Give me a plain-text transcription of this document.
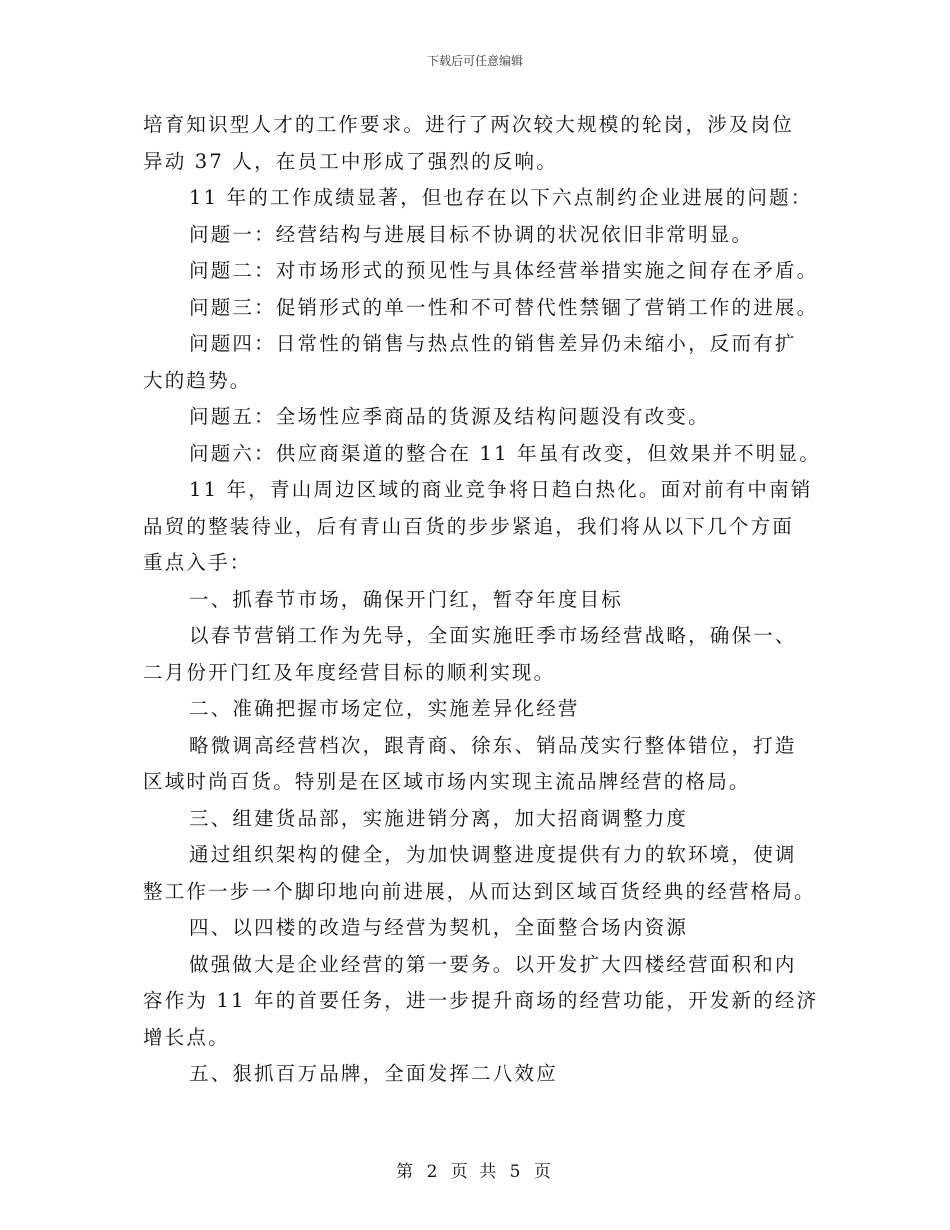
下载后可任意编辑
培育知识型人才的工作要求。进行了两次较大规模的轮岗，涉及岗位
异动 37 人，在员工中形成了强烈的反响。
11 年的工作成绩显著，但也存在以下六点制约企业进展的问题：
问题一：经营结构与进展目标不协调的状况依旧非常明显。
问题二：对市场形式的预见性与具体经营举措实施之间存在矛盾。
问题三：促销形式的单一性和不可替代性禁锢了营销工作的进展。
问题四：日常性的销售与热点性的销售差异仍未缩小，反而有扩
大的趋势。
问题五：全场性应季商品的货源及结构问题没有改变。
问题六：供应商渠道的整合在 11 年虽有改变，但效果并不明显。
11 年，青山周边区域的商业竞争将日趋白热化。面对前有中南销
品贸的整装待业，后有青山百货的步步紧追，我们将从以下几个方面
重点入手：
一、抓春节市场，确保开门红，暂夺年度目标
以春节营销工作为先导，全面实施旺季市场经营战略，确保一、
二月份开门红及年度经营目标的顺利实现。
二、准确把握市场定位，实施差异化经营
略微调高经营档次，跟青商、徐东、销品茂实行整体错位，打造
区域时尚百货。特别是在区域市场内实现主流品牌经营的格局。
三、组建货品部，实施进销分离，加大招商调整力度
通过组织架构的健全，为加快调整进度提供有力的软环境，使调
整工作一步一个脚印地向前进展，从而达到区域百货经典的经营格局。
四、以四楼的改造与经营为契机，全面整合场内资源
做强做大是企业经营的第一要务。以开发扩大四楼经营面积和内
容作为 11 年的首要任务，进一步提升商场的经营功能，开发新的经济
增长点。
五、狠抓百万品牌，全面发挥二八效应
第 2 页 共 5 页
